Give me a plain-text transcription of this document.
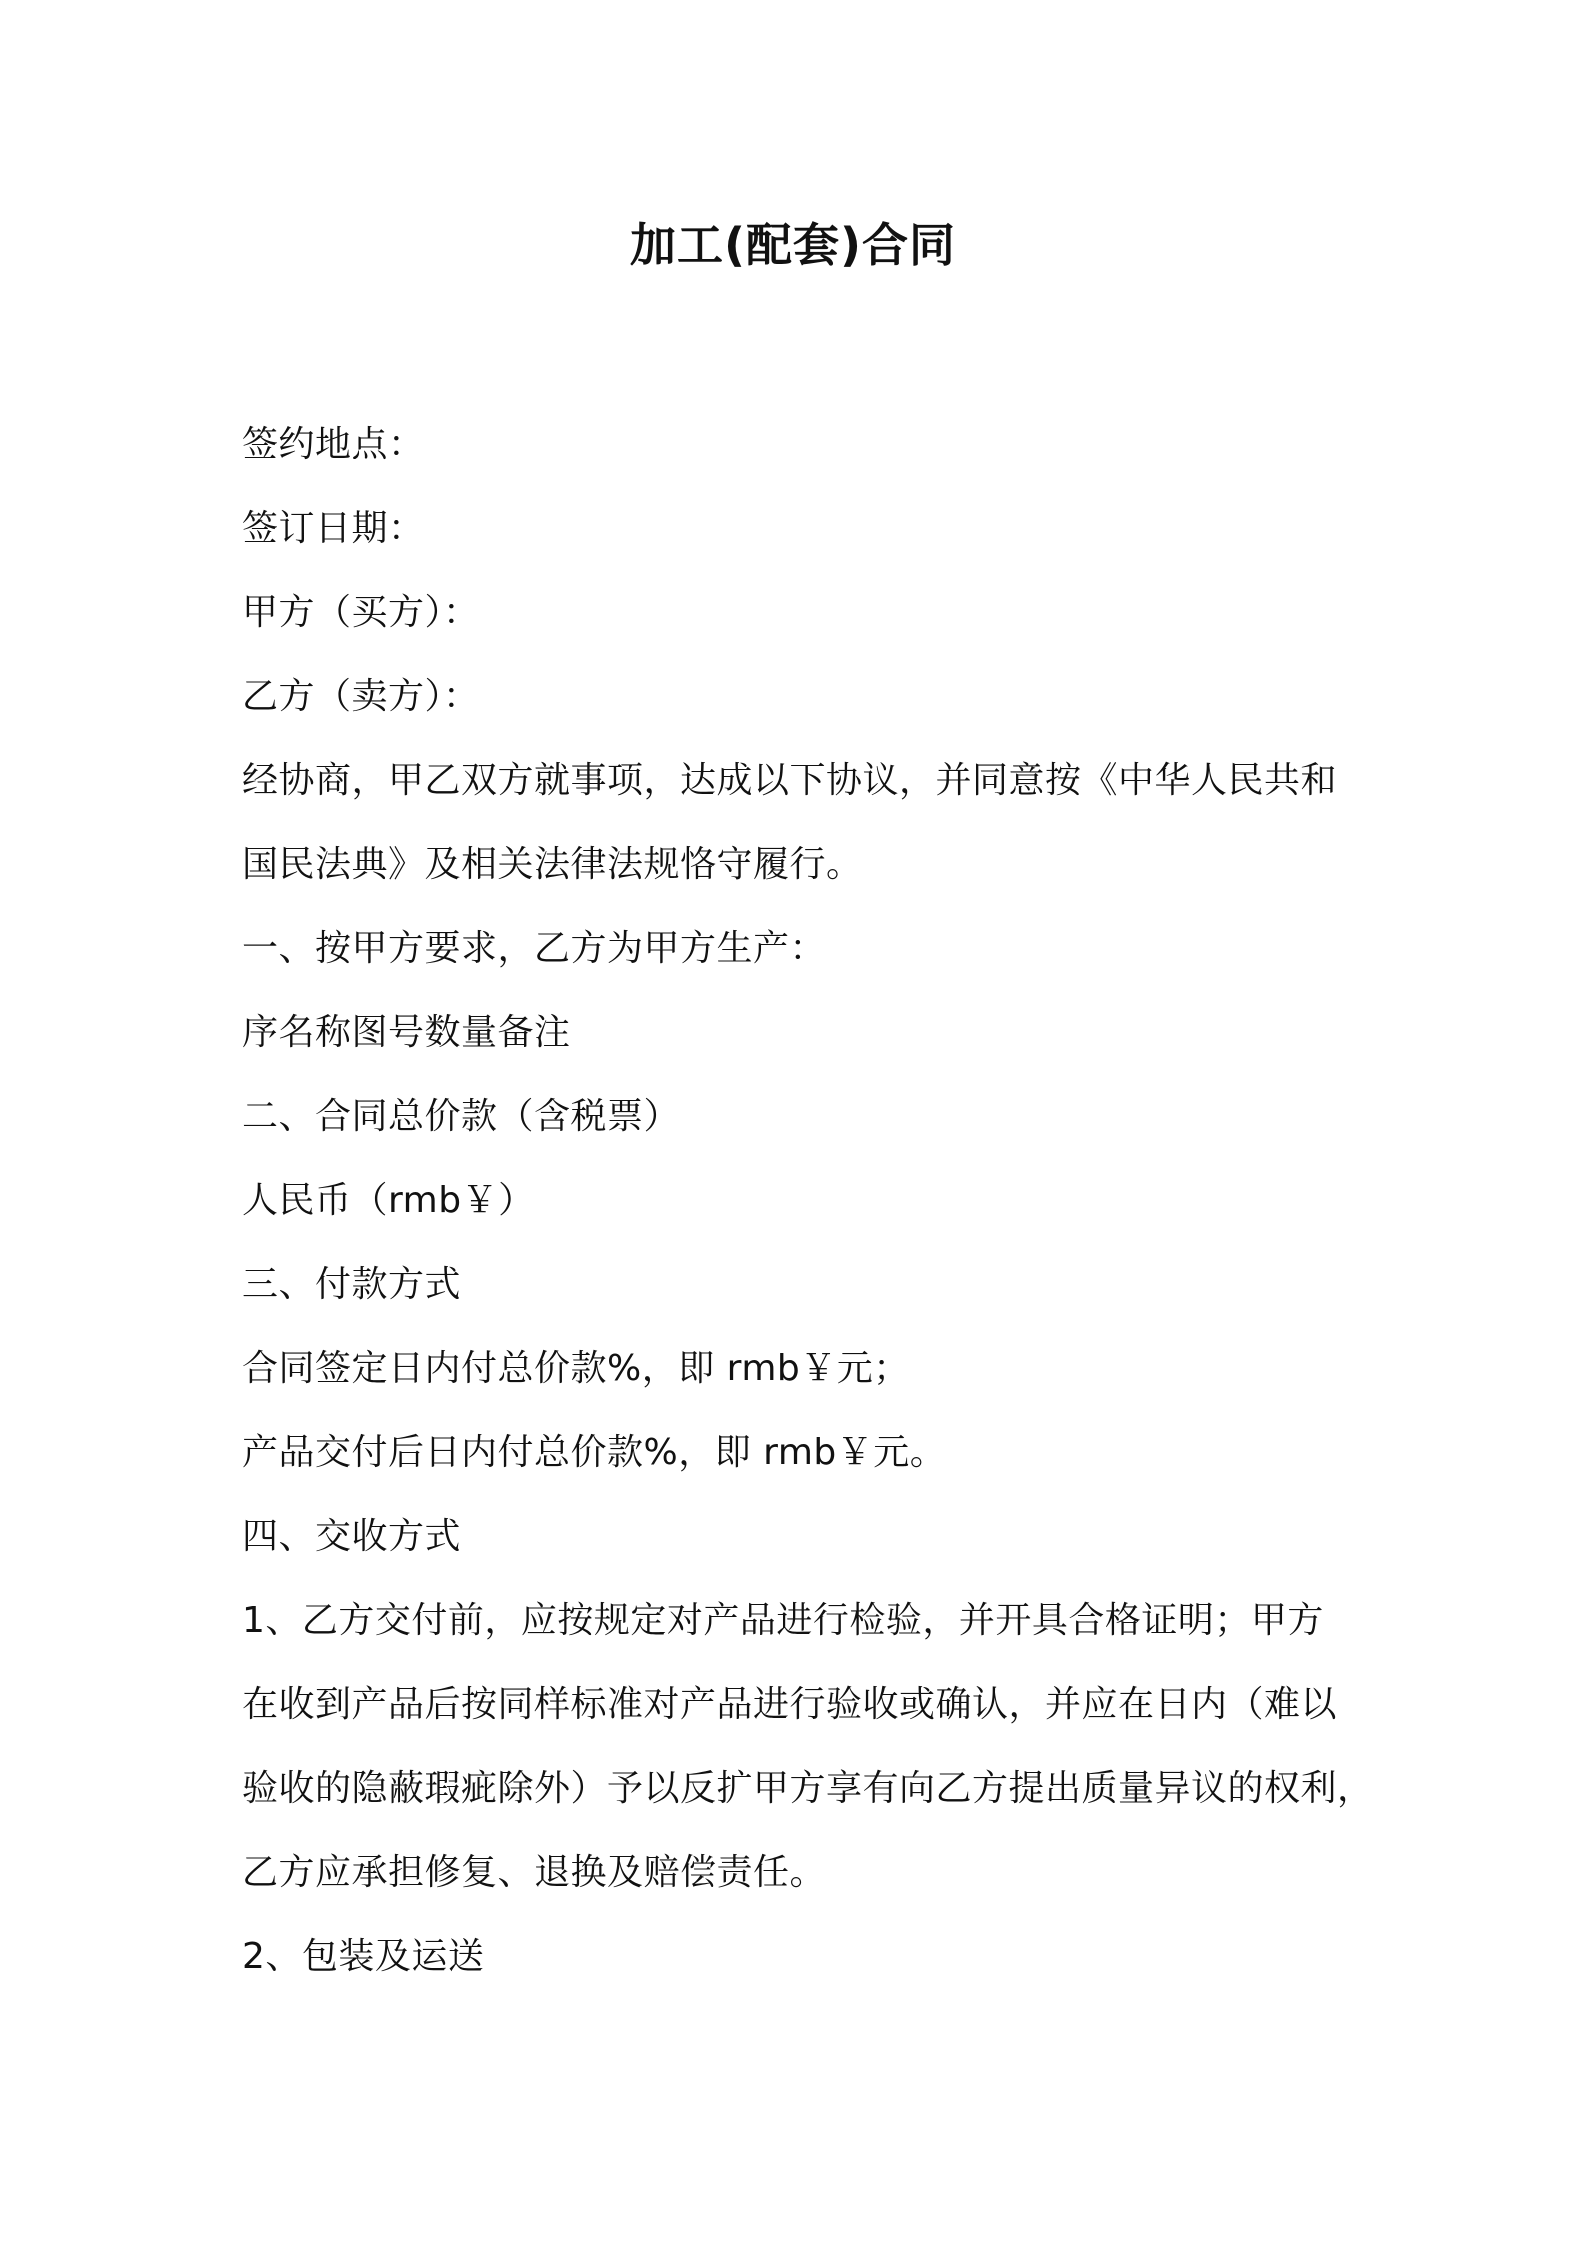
加工(配套)合同
签约地点：
签订日期：
甲方（买方）：
乙方（卖方）：
经协商，甲乙双方就事项，达成以下协议，并同意按《中华人民共和
国民法典》及相关法律法规恪守履行。
一、按甲方要求，乙方为甲方生产：
序名称图号数量备注
二、合同总价款（含税票）
人民币（rmb￥）
三、付款方式
合同签定日内付总价款%，即 rmb￥元；
产品交付后日内付总价款%，即 rmb￥元。
四、交收方式
1、乙方交付前，应按规定对产品进行检验，并开具合格证明；甲方
在收到产品后按同样标准对产品进行验收或确认，并应在日内（难以
验收的隐蔽瑕疵除外）予以反扩甲方享有向乙方提出质量异议的权利，
乙方应承担修复、退换及赔偿责任。
2、包装及运送
